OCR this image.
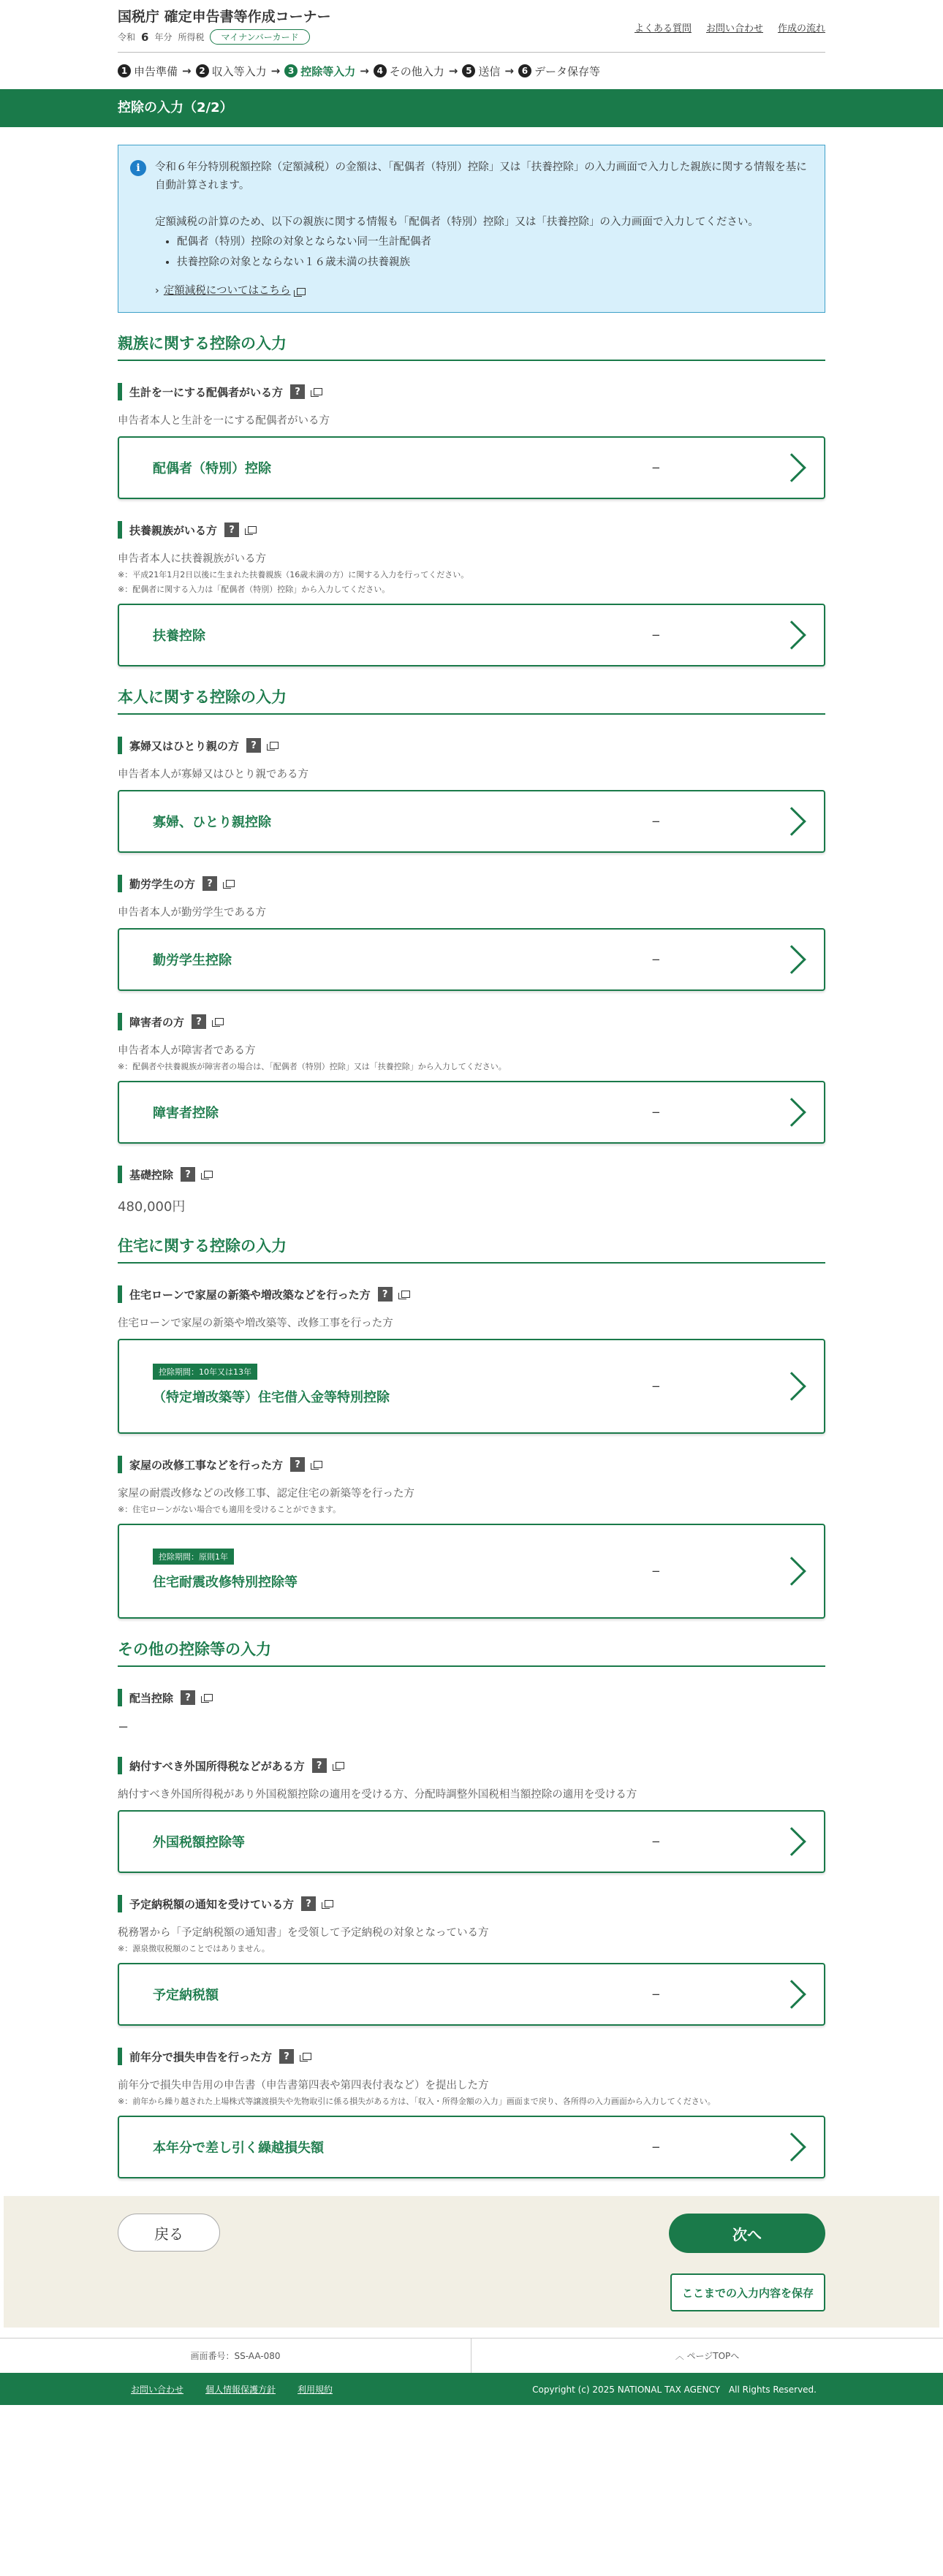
国税庁 確定申告書等作成コーナー
令和 6 年分 所得税	マイナンバーカード
よくある質問 お問い合わせ 作成の流れ
1 申告準備 → 2 収入等入力 → 3 控除等入力 → 4 その他入力 → 5 送信 → 6 データ保存等
控除の入力（2/2）
i	令和６年分特別税額控除（定額減税）の金額は、「配偶者（特別）控除」又は「扶養控除」の入力画面で入力した親族に関する情報を基に自動計算されます。

定額減税の計算のため、以下の親族に関する情報も「配偶者（特別）控除」又は「扶養控除」の入力画面で入力してください。

• 配偶者（特別）控除の対象とならない同一生計配偶者
• 扶養控除の対象とならない１６歳未満の扶養親族
› 定額減税についてはこちら
親族に関する控除の入力
生計を一にする配偶者がいる方	?
申告者本人と生計を一にする配偶者がいる方
配偶者（特別）控除	−
扶養親族がいる方	?
申告者本人に扶養親族がいる方
※：平成21年1月2日以後に生まれた扶養親族（16歳未満の方）に関する入力を行ってください。
※：配偶者に関する入力は「配偶者（特別）控除」から入力してください。
扶養控除	−
本人に関する控除の入力
寡婦又はひとり親の方	?
申告者本人が寡婦又はひとり親である方
寡婦、ひとり親控除	−
勤労学生の方	?
申告者本人が勤労学生である方
勤労学生控除	−
障害者の方	?
申告者本人が障害者である方
※：配偶者や扶養親族が障害者の場合は、「配偶者（特別）控除」又は「扶養控除」から入力してください。
障害者控除	−
基礎控除	?
480,000円
住宅に関する控除の入力
住宅ローンで家屋の新築や増改築などを行った方	?
住宅ローンで家屋の新築や増改築等、改修工事を行った方
控除期間：10年又は13年
（特定増改築等）住宅借入金等特別控除
−
家屋の改修工事などを行った方	?
家屋の耐震改修などの改修工事、認定住宅の新築等を行った方
※：住宅ローンがない場合でも適用を受けることができます。
控除期間：原則1年
住宅耐震改修特別控除等
−
その他の控除等の入力
配当控除	?
−
納付すべき外国所得税などがある方	?
納付すべき外国所得税があり外国税額控除の適用を受ける方、分配時調整外国税相当額控除の適用を受ける方
外国税額控除等	−
予定納税額の通知を受けている方	?
税務署から「予定納税額の通知書」を受領して予定納税の対象となっている方
※：源泉徴収税額のことではありません。
予定納税額	−
前年分で損失申告を行った方	?
前年分で損失申告用の申告書（申告書第四表や第四表付表など）を提出した方
※：前年から繰り越された上場株式等譲渡損失や先物取引に係る損失がある方は、「収入・所得金額の入力」画面まで戻り、各所得の入力画面から入力してください。
本年分で差し引く繰越損失額	−
戻る	次へ
ここまでの入力内容を保存
画面番号：SS-AA-080	︿ ページTOPへ
お問い合わせ	個人情報保護方針	利用規約	Copyright (c) 2025 NATIONAL TAX AGENCY　All Rights Reserved.
